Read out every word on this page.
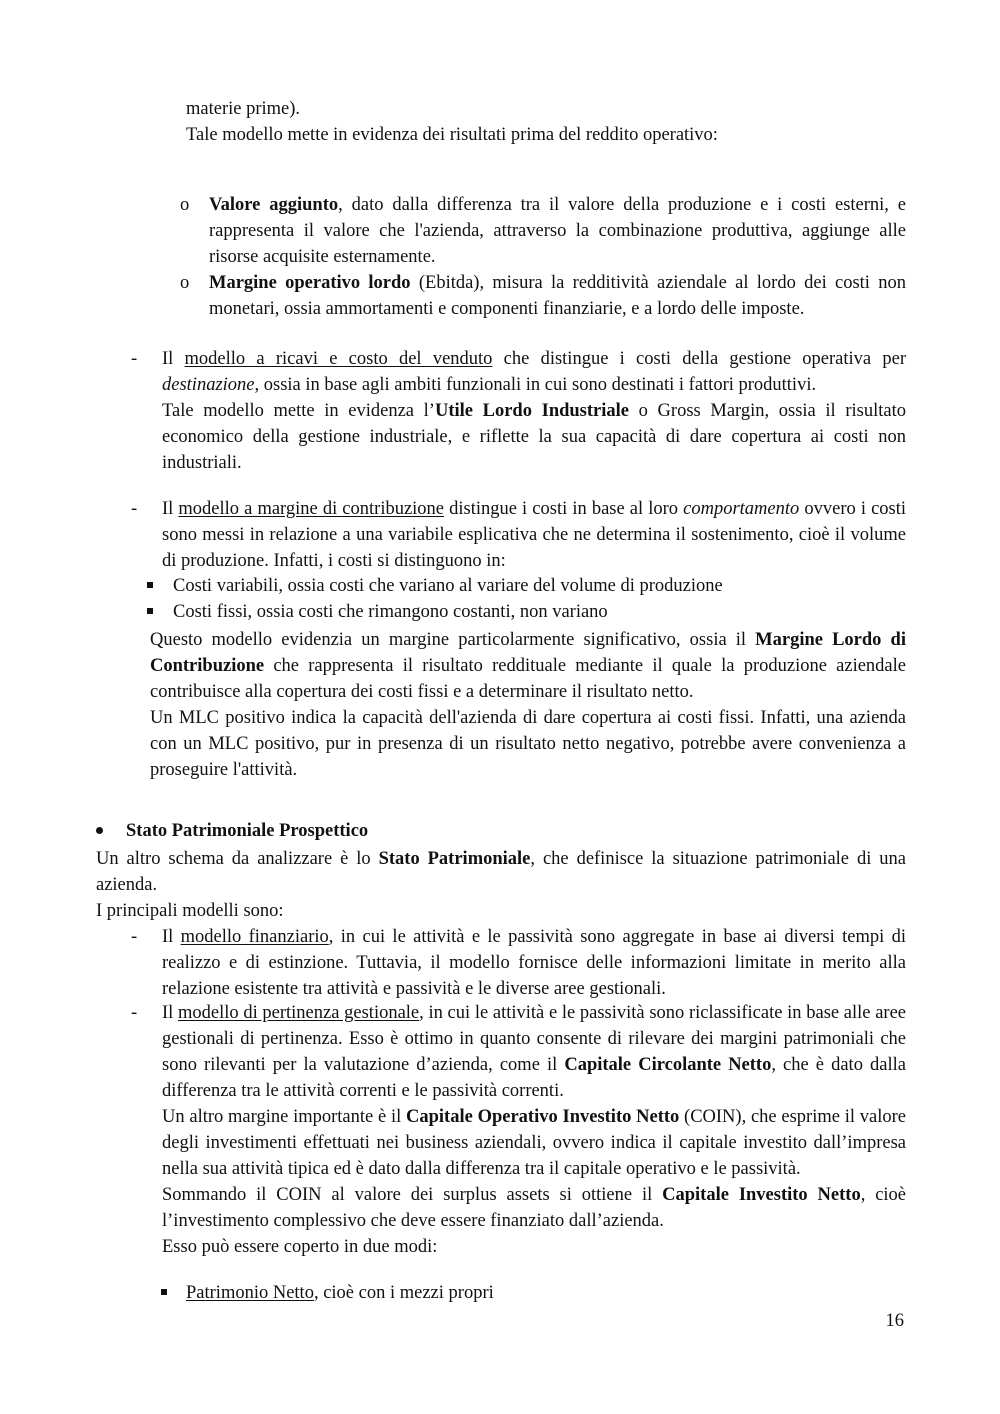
materie prime).
Tale modello mette in evidenza dei risultati prima del reddito operativo:
o Valore aggiunto, dato dalla differenza tra il valore della produzione e i costi esterni, e rappresenta il valore che l'azienda, attraverso la combinazione produttiva, aggiunge alle risorse acquisite esternamente.
o Margine operativo lordo (Ebitda), misura la redditività aziendale al lordo dei costi non monetari, ossia ammortamenti e componenti finanziarie, e a lordo delle imposte.
- Il modello a ricavi e costo del venduto che distingue i costi della gestione operativa per destinazione, ossia in base agli ambiti funzionali in cui sono destinati i fattori produttivi.
Tale modello mette in evidenza l’Utile Lordo Industriale o Gross Margin, ossia il risultato economico della gestione industriale, e riflette la sua capacità di dare copertura ai costi non industriali.
- Il modello a margine di contribuzione distingue i costi in base al loro comportamento ovvero i costi sono messi in relazione a una variabile esplicativa che ne determina il sostenimento, cioè il volume di produzione. Infatti, i costi si distinguono in:
Costi variabili, ossia costi che variano al variare del volume di produzione
Costi fissi, ossia costi che rimangono costanti, non variano
Questo modello evidenzia un margine particolarmente significativo, ossia il Margine Lordo di Contribuzione che rappresenta il risultato reddituale mediante il quale la produzione aziendale contribuisce alla copertura dei costi fissi e a determinare il risultato netto.
Un MLC positivo indica la capacità dell'azienda di dare copertura ai costi fissi. Infatti, una azienda con un MLC positivo, pur in presenza di un risultato netto negativo, potrebbe avere convenienza a proseguire l'attività.
Stato Patrimoniale Prospettico
Un altro schema da analizzare è lo Stato Patrimoniale, che definisce la situazione patrimoniale di una azienda.
I principali modelli sono:
- Il modello finanziario, in cui le attività e le passività sono aggregate in base ai diversi tempi di realizzo e di estinzione. Tuttavia, il modello fornisce delle informazioni limitate in merito alla relazione esistente tra attività e passività e le diverse aree gestionali.
- Il modello di pertinenza gestionale, in cui le attività e le passività sono riclassificate in base alle aree gestionali di pertinenza. Esso è ottimo in quanto consente di rilevare dei margini patrimoniali che sono rilevanti per la valutazione d’azienda, come il Capitale Circolante Netto, che è dato dalla differenza tra le attività correnti e le passività correnti.
Un altro margine importante è il Capitale Operativo Investito Netto (COIN), che esprime il valore degli investimenti effettuati nei business aziendali, ovvero indica il capitale investito dall’impresa nella sua attività tipica ed è dato dalla differenza tra il capitale operativo e le passività.
Sommando il COIN al valore dei surplus assets si ottiene il Capitale Investito Netto, cioè l’investimento complessivo che deve essere finanziato dall’azienda.
Esso può essere coperto in due modi:
Patrimonio Netto, cioè con i mezzi propri
16
